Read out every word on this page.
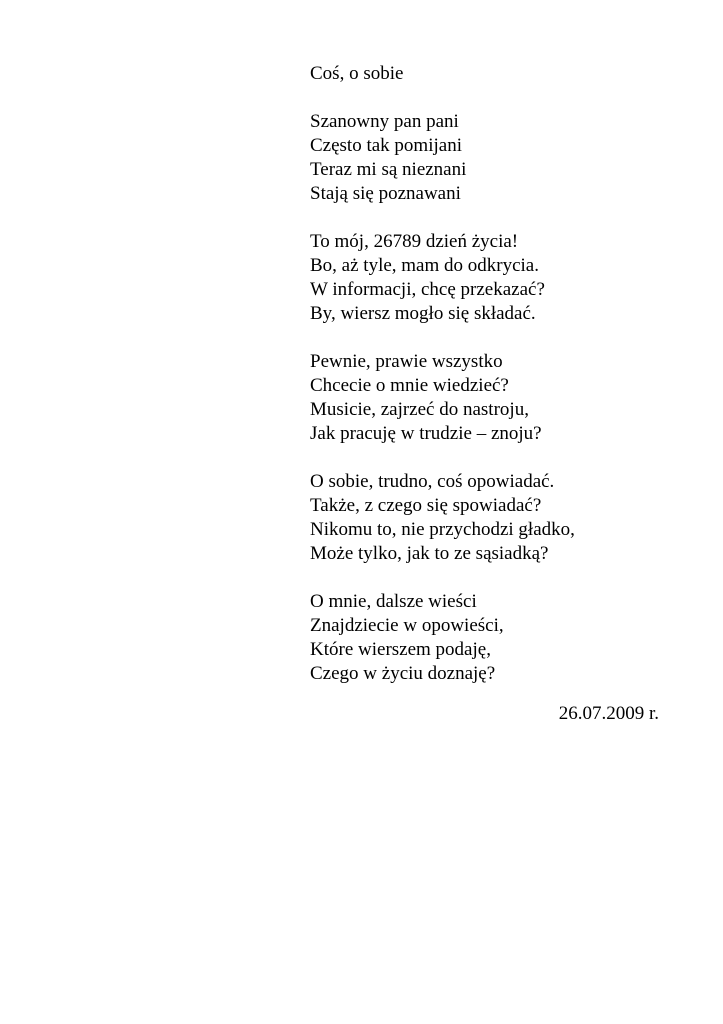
Coś, o sobie
Szanowny pan pani
Często tak pomijani
Teraz mi są nieznani
Stają się poznawani
To mój, 26789 dzień życia!
Bo, aż tyle, mam do odkrycia.
W informacji, chcę przekazać?
By, wiersz mogło się składać.
Pewnie, prawie wszystko
Chcecie o mnie wiedzieć?
Musicie, zajrzeć do nastroju,
Jak pracuję w trudzie – znoju?
O sobie, trudno, coś opowiadać.
Także, z czego się spowiadać?
Nikomu to, nie przychodzi gładko,
Może tylko, jak to ze sąsiadką?
O mnie, dalsze wieści
Znajdziecie w opowieści,
Które wierszem podaję,
Czego w życiu doznaję?
26.07.2009 r.
